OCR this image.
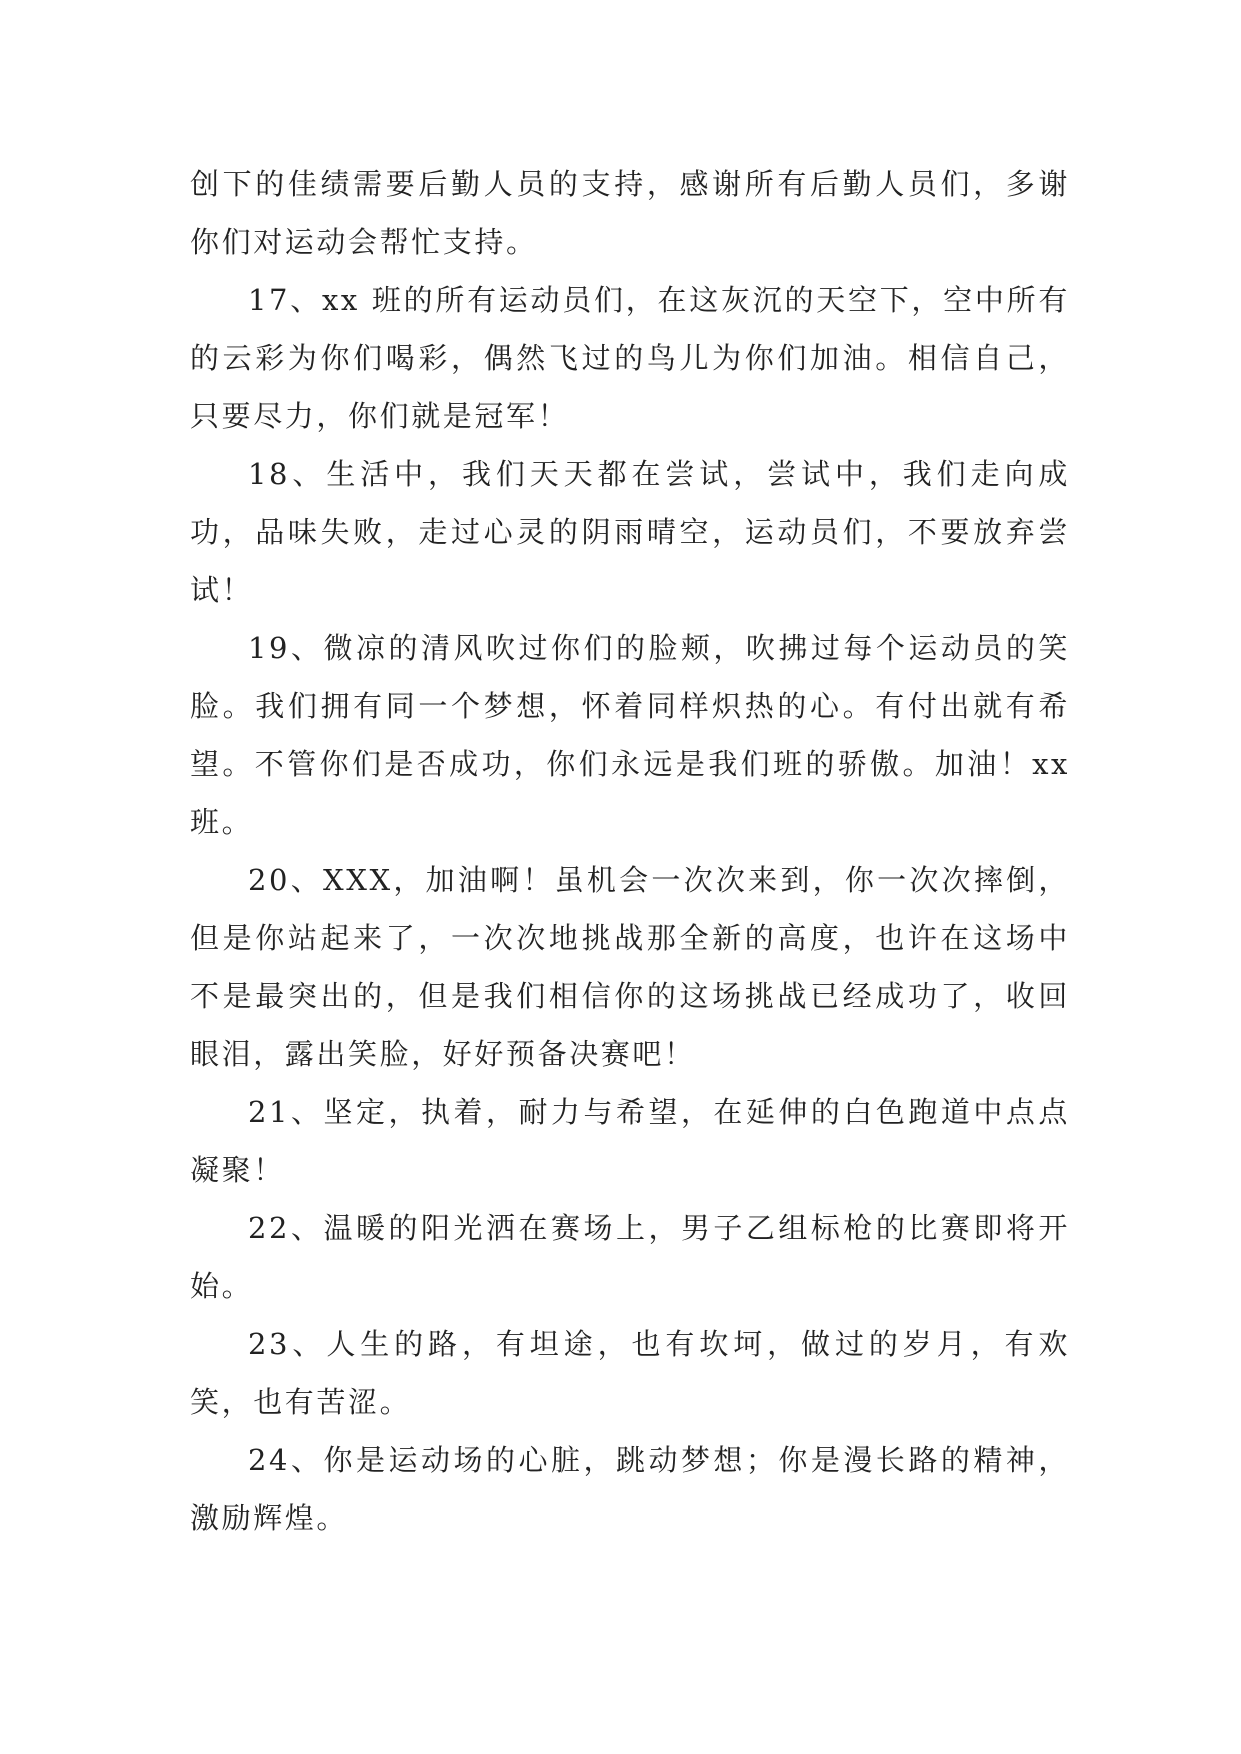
创下的佳绩需要后勤人员的支持，感谢所有后勤人员们，多谢你们对运动会帮忙支持。

17、xx 班的所有运动员们，在这灰沉的天空下，空中所有的云彩为你们喝彩，偶然飞过的鸟儿为你们加油。相信自己，只要尽力，你们就是冠军！

18、生活中，我们天天都在尝试，尝试中，我们走向成功，品味失败，走过心灵的阴雨晴空，运动员们，不要放弃尝试！

19、微凉的清风吹过你们的脸颊，吹拂过每个运动员的笑脸。我们拥有同一个梦想，怀着同样炽热的心。有付出就有希望。不管你们是否成功，你们永远是我们班的骄傲。加油！xx 班。

20、XXX，加油啊！虽机会一次次来到，你一次次摔倒，但是你站起来了，一次次地挑战那全新的高度，也许在这场中不是最突出的，但是我们相信你的这场挑战已经成功了，收回眼泪，露出笑脸，好好预备决赛吧！

21、坚定，执着，耐力与希望，在延伸的白色跑道中点点凝聚！

22、温暖的阳光洒在赛场上，男子乙组标枪的比赛即将开始。

23、人生的路，有坦途，也有坎坷，做过的岁月，有欢笑，也有苦涩。

24、你是运动场的心脏，跳动梦想；你是漫长路的精神，激励辉煌。
